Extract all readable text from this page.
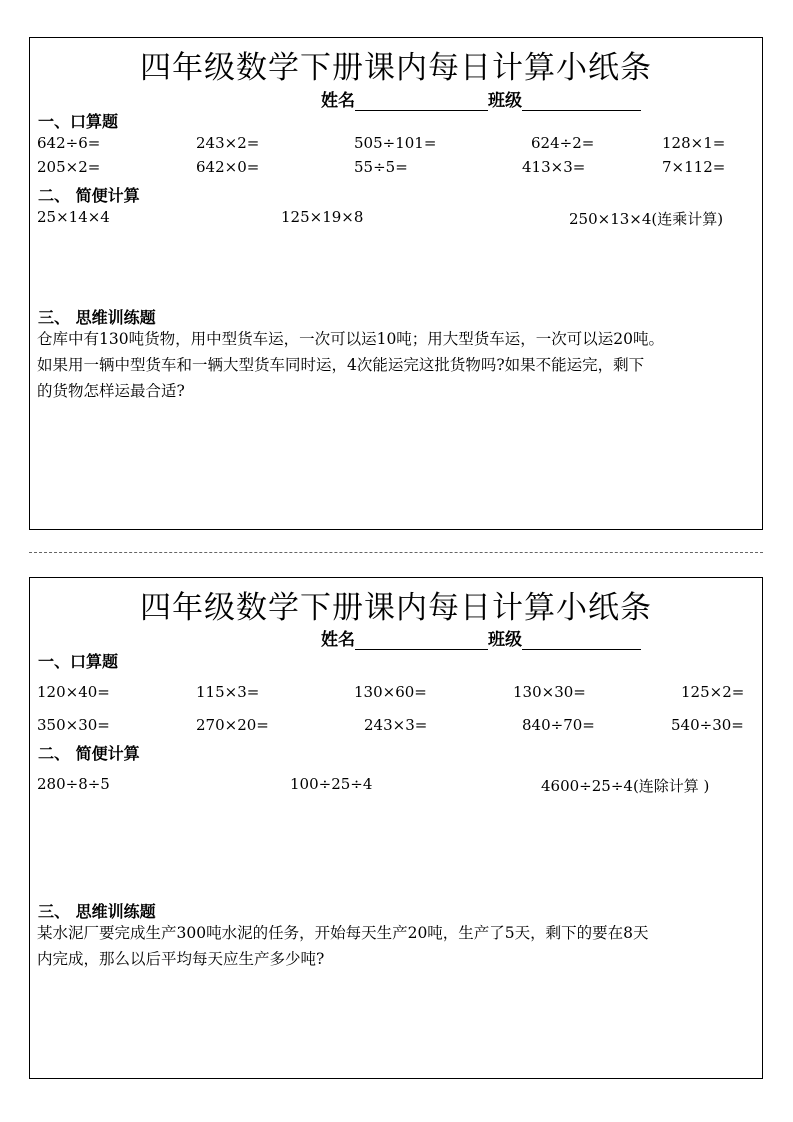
四年级数学下册课内每日计算小纸条
姓名	班级
一、口算题
642÷6=	243×2=	505÷101=	624÷2=	128×1=
205×2=	642×0=	55÷5=	413×3=	7×112=
二、 简便计算
25×14×4	125×19×8	250×13×4(连乘计算)
三、 思维训练题
仓库中有130吨货物，用中型货车运，一次可以运10吨；用大型货车运，一次可以运20吨。
如果用一辆中型货车和一辆大型货车同时运，4次能运完这批货物吗?如果不能运完，剩下
的货物怎样运最合适?
四年级数学下册课内每日计算小纸条
姓名	班级
一、口算题
120×40=	115×3=	130×60=	130×30=	125×2=
350×30=	270×20=	243×3=	840÷70=	540÷30=
二、 简便计算
280÷8÷5	100÷25÷4	4600÷25÷4(连除计算 )
三、 思维训练题
某水泥厂要完成生产300吨水泥的任务，开始每天生产20吨，生产了5天，剩下的要在8天
内完成，那么以后平均每天应生产多少吨?
